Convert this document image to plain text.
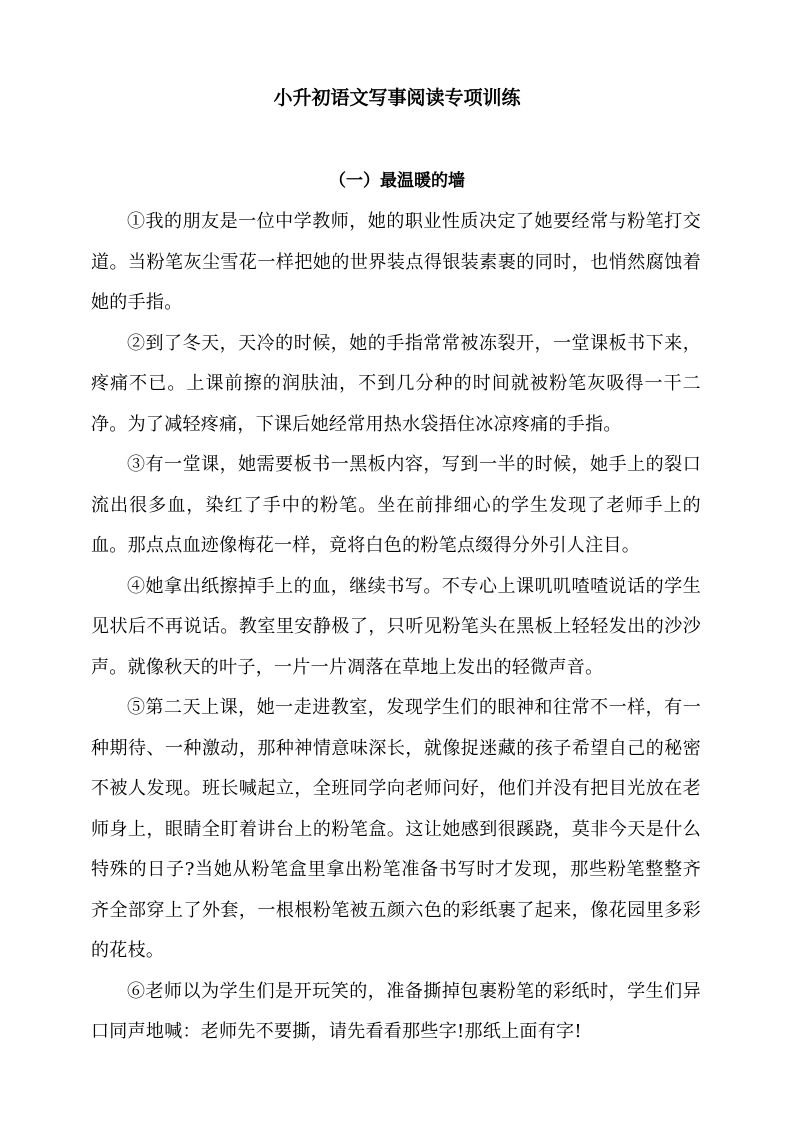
小升初语文写事阅读专项训练
（一）最温暖的墙

①我的朋友是一位中学教师，她的职业性质决定了她要经常与粉笔打交道。当粉笔灰尘雪花一样把她的世界装点得银装素裹的同时，也悄然腐蚀着她的手指。

②到了冬天，天冷的时候，她的手指常常被冻裂开，一堂课板书下来，疼痛不已。上课前擦的润肤油，不到几分种的时间就被粉笔灰吸得一干二净。为了减轻疼痛，下课后她经常用热水袋捂住冰凉疼痛的手指。

③有一堂课，她需要板书一黑板内容，写到一半的时候，她手上的裂口流出很多血，染红了手中的粉笔。坐在前排细心的学生发现了老师手上的血。那点点血迹像梅花一样，竟将白色的粉笔点缀得分外引人注目。

④她拿出纸擦掉手上的血，继续书写。不专心上课叽叽喳喳说话的学生见状后不再说话。教室里安静极了，只听见粉笔头在黑板上轻轻发出的沙沙声。就像秋天的叶子，一片一片凋落在草地上发出的轻微声音。

⑤第二天上课，她一走进教室，发现学生们的眼神和往常不一样，有一种期待、一种激动，那种神情意味深长，就像捉迷藏的孩子希望自己的秘密不被人发现。班长喊起立，全班同学向老师问好，他们并没有把目光放在老师身上，眼睛全盯着讲台上的粉笔盒。这让她感到很蹊跷，莫非今天是什么特殊的日子?当她从粉笔盒里拿出粉笔准备书写时才发现，那些粉笔整整齐齐全部穿上了外套，一根根粉笔被五颜六色的彩纸裹了起来，像花园里多彩的花枝。

⑥老师以为学生们是开玩笑的，准备撕掉包裹粉笔的彩纸时，学生们异口同声地喊：老师先不要撕，请先看看那些字!那纸上面有字!
